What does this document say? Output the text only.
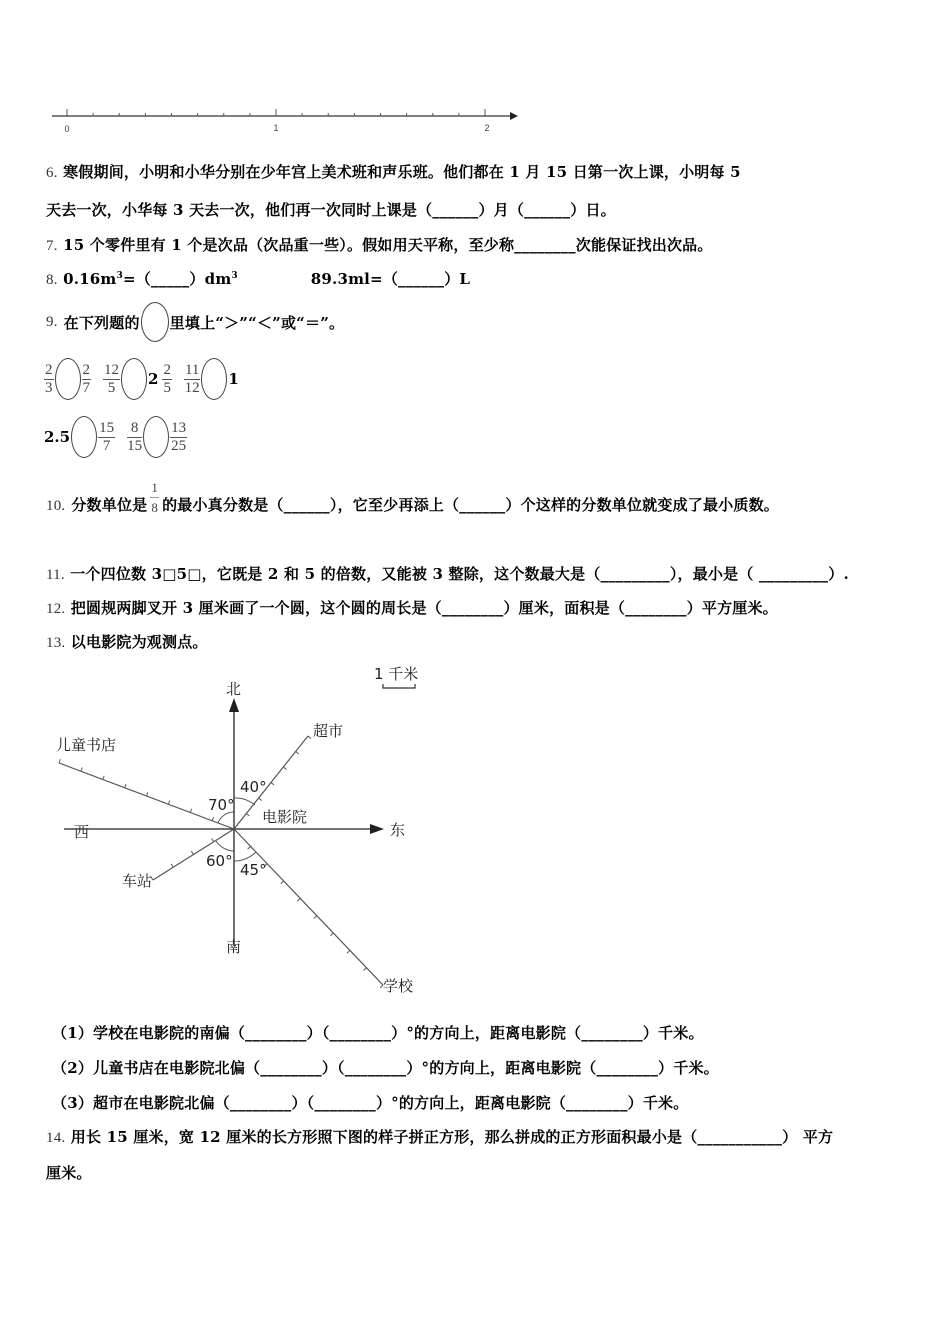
0	1	2
6. 寒假期间，小明和小华分别在少年宫上美术班和声乐班。他们都在 1 月 15 日第一次上课，小明每 5
天去一次，小华每 3 天去一次，他们再一次同时上课是（______）月（______）日。
7. 15 个零件里有 1 个是次品（次品重一些）。假如用天平称，至少称________次能保证找出次品。
8. $0.16m^3=(\_\_\_\_\_)dm^3$	89.3ml=（______）L
9. 在下列题的 里填上“＞”“＜”或“＝”。
$\frac{2}{3} \frac{2}{7} \frac{12}{5} 2 \frac{2}{5} \frac{11}{12} 1$
$2.5 \frac{15}{7} \frac{8}{15} \frac{13}{25}$
10. 分数单位是 $\frac{1}{8}$ 的最小真分数是（______），它至少再添上（______）个这样的分数单位就变成了最小质数。
11. 一个四位数 3□5□，它既是 2 和 5 的倍数，又能被 3 整除，这个数最大是（_________），最小是（ _________）.
12. 把圆规两脚叉开 3 厘米画了一个圆，这个圆的周长是（________）厘米，面积是（________）平方厘米。
13. 以电影院为观测点。
北
南
东
西
电影院
超市
儿童书店
车站
学校
40°
70°
60° 45°
1 千米
（1）学校在电影院的南偏（________）（________）°的方向上，距离电影院（________）千米。
（2）儿童书店在电影院北偏（________）（________）°的方向上，距离电影院（________）千米。
（3）超市在电影院北偏（________）（________）°的方向上，距离电影院（________）千米。
14. 用长 15 厘米，宽 12 厘米的长方形照下图的样子拼正方形，那么拼成的正方形面积最小是（___________） 平方
厘米。
